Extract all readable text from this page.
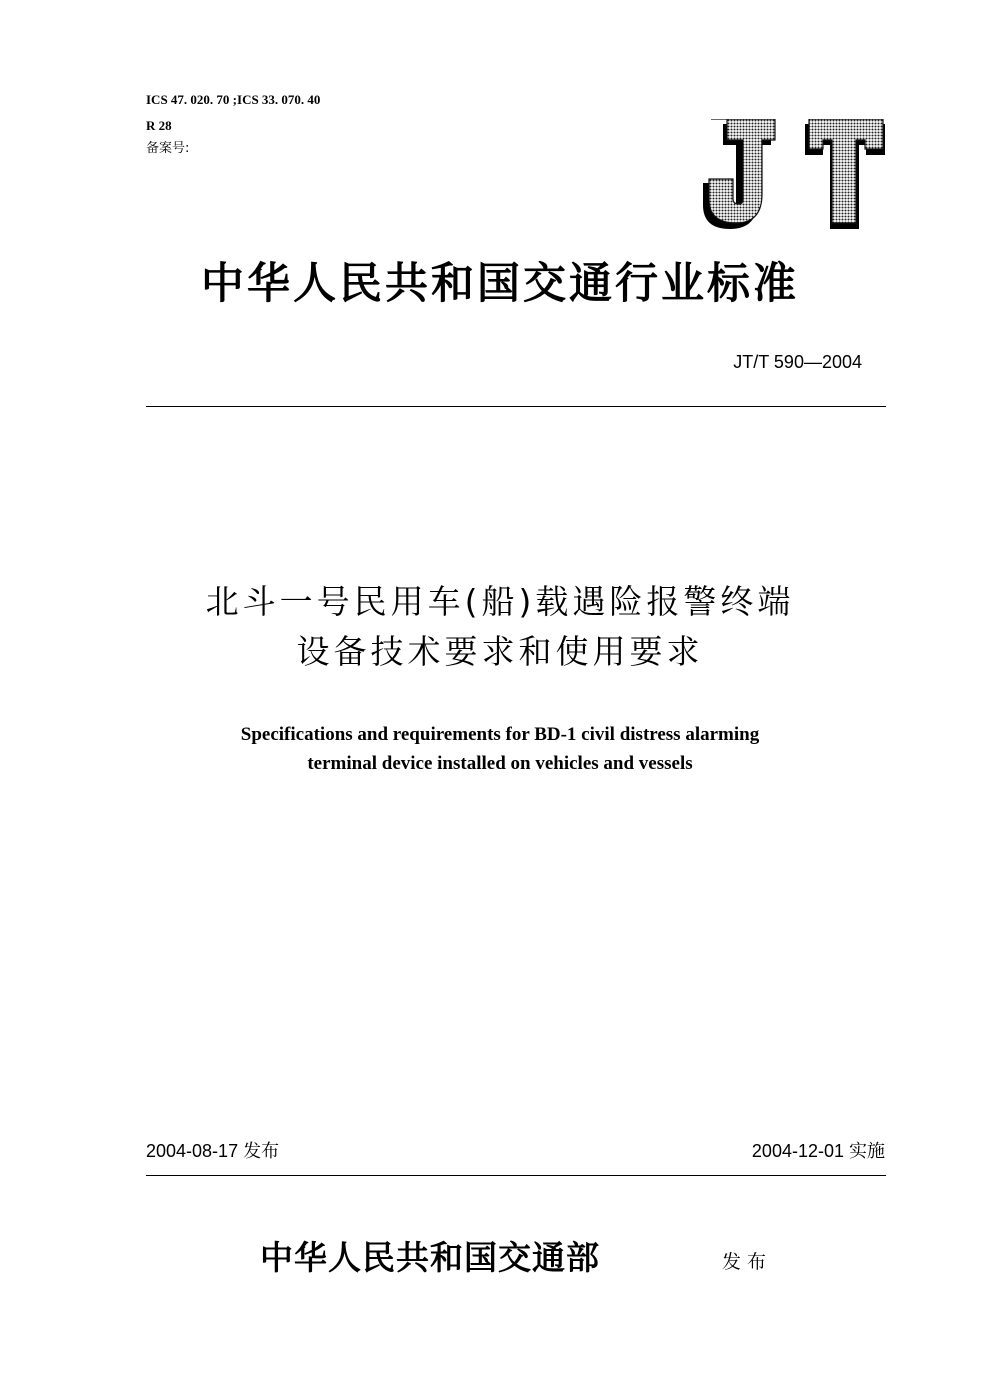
ICS 47. 020. 70 ;ICS 33. 070. 40
R 28
备案号:
中华人民共和国交通行业标准
JT/T 590—2004
北斗一号民用车(船)载遇险报警终端
设备技术要求和使用要求
Specifications and requirements for BD-1 civil distress alarming
terminal device installed on vehicles and vessels
2004-08-17 发布	2004-12-01 实施
中华人民共和国交通部	发布
